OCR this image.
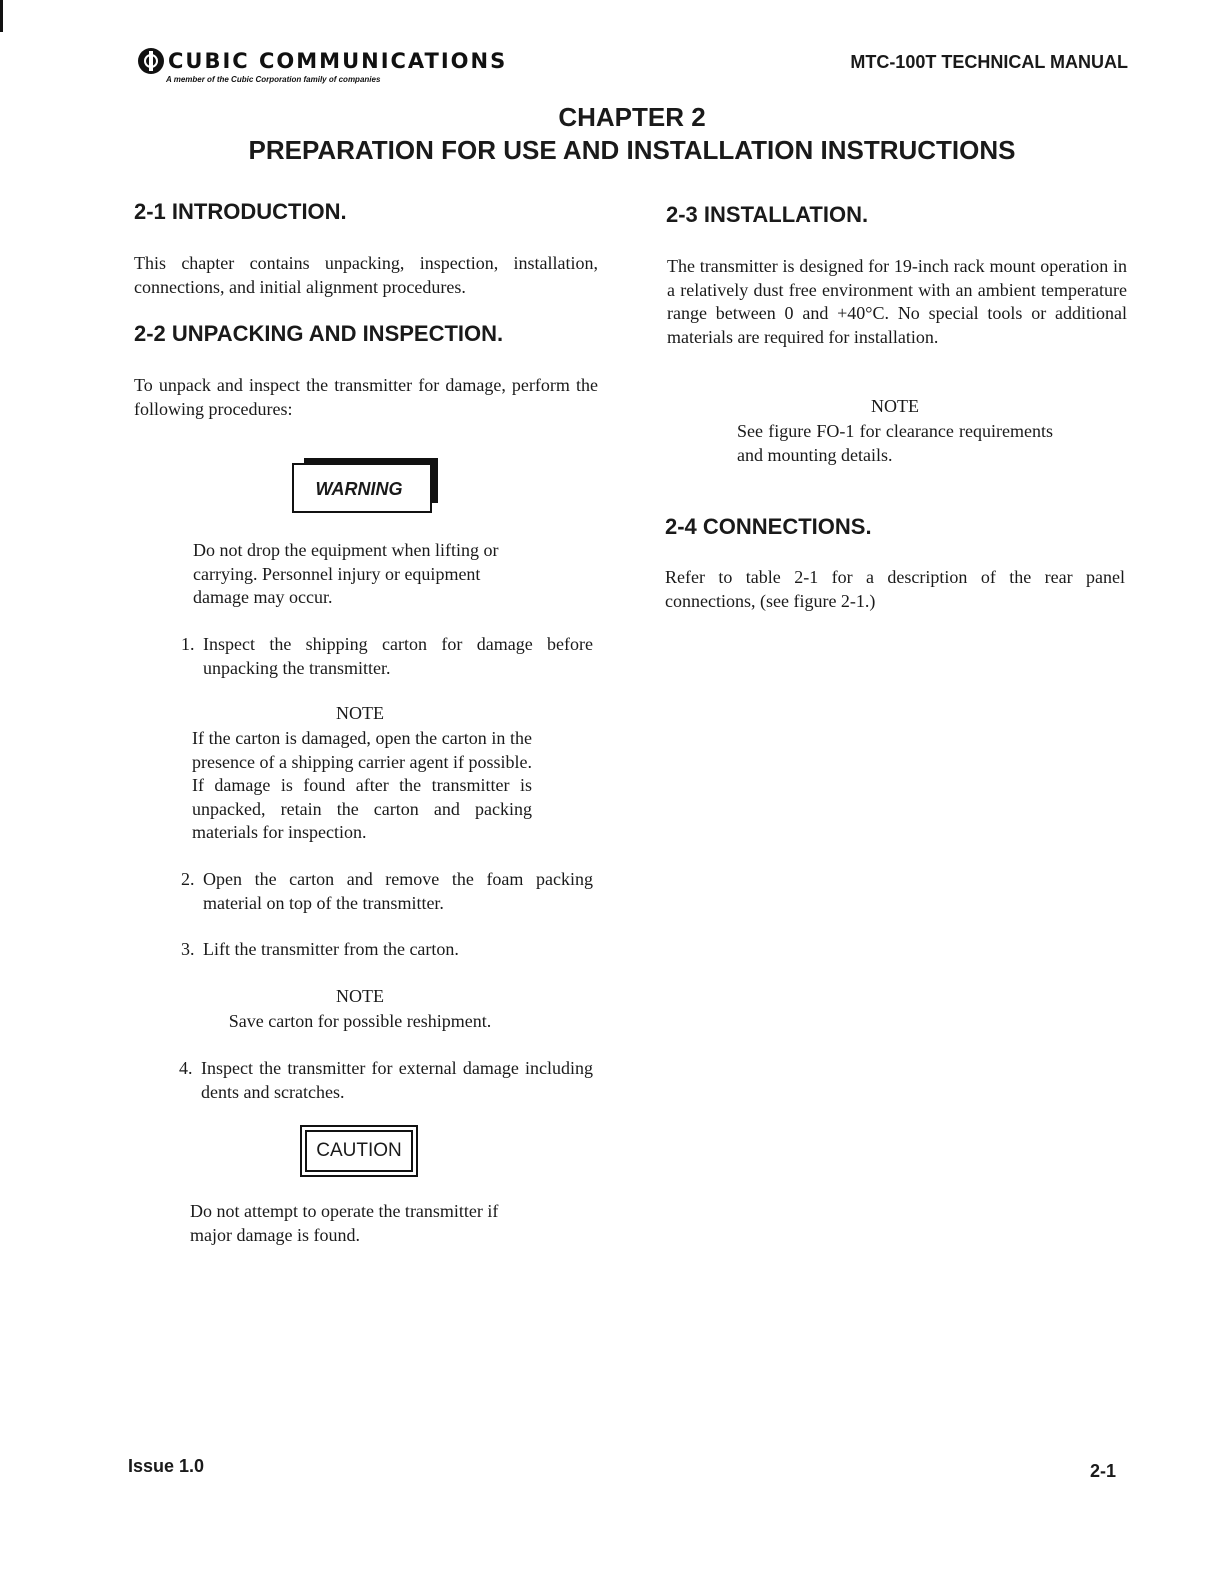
CUBIC COMMUNICATIONS
A member of the Cubic Corporation family of companies
MTC-100T TECHNICAL MANUAL
CHAPTER 2
PREPARATION FOR USE AND INSTALLATION INSTRUCTIONS
2-1 INTRODUCTION.
This chapter contains unpacking, inspection, installation, connections, and initial alignment procedures.
2-2 UNPACKING AND INSPECTION.
To unpack and inspect the transmitter for damage, perform the following procedures:
WARNING
Do not drop the equipment when lifting or carrying. Personnel injury or equipment damage may occur.
1. Inspect the shipping carton for damage before unpacking the transmitter.
NOTE
If the carton is damaged, open the carton in the presence of a shipping carrier agent if possible. If damage is found after the transmitter is unpacked, retain the carton and packing materials for inspection.
2. Open the carton and remove the foam packing material on top of the transmitter.
3. Lift the transmitter from the carton.
NOTE
Save carton for possible reshipment.
4. Inspect the transmitter for external damage including dents and scratches.
CAUTION
Do not attempt to operate the transmitter if major damage is found.
2-3 INSTALLATION.
The transmitter is designed for 19-inch rack mount operation in a relatively dust free environment with an ambient temperature range between 0 and +40°C. No special tools or additional materials are required for installation.
NOTE
See figure FO-1 for clearance requirements and mounting details.
2-4 CONNECTIONS.
Refer to table 2-1 for a description of the rear panel connections, (see figure 2-1.)
Issue 1.0	2-1
